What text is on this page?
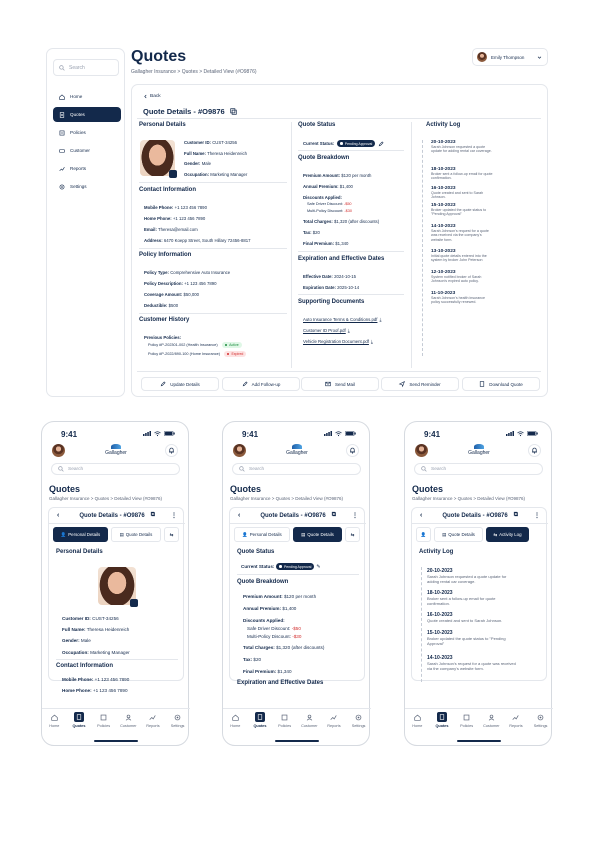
Search
Home
Quotes
Policies
Customer
Reports
Settings
Quotes
Gallagher Insurance > Quotes > Detailed View (#O9876)
Emily Thompson
Back
Quote Details - #O9876
Personal Details
Customer ID: CUST-34256
Full Name: Theresa Heidenreich
Gender: Male
Occupation: Marketing Manager
Contact Information
Mobile Phone: +1 123 456 7890
Home Phone: +1 123 456 7890
Email: Theresa@email.com
Address: 6470 Koepp Street, South Hillary 72456-8817
Policy Information
Policy Type: Comprehensive Auto Insurance
Policy Description: +1 123 456 7890
Coverage Amount: $50,000
Deductible: $500
Customer History
Previous Policies:
Policy #P-202301-002 (Health Insurance)	Active
Policy #P-2022/890-100 (Home Insurance)	Expired
Quote Status
Current Status:	Pending Approval
Quote Breakdown
Premium Amount: $120 per month
Annual Premium: $1,400
Discounts Applied:
Safe Driver Discount: -$50
Multi-Policy Discount: -$30
Total Charges: $1,320 (after discounts)
Tax: $20
Final Premium: $1,340
Expiration and Effective Dates
Effective Date: 2024-10-15
Expiration Date: 2025-10-14
Supporting Documents
Auto Insurance Terms & Conditions.pdf ⤓
Customer ID Proof.pdf ⤓
Vehicle Registration Document.pdf ⤓
Activity Log
20-10-2023
Sarah Johnson requested a quote update for adding rental car coverage.
18-10-2023
Broker sent a follow-up email for quote confirmation.
16-10-2023
Quote created and sent to Sarah Johnson.
15-10-2023
Broker updated the quote status to "Pending Approval"
14-10-2023
Sarah Johnson's request for a quote was received via the company's website form.
13-10-2023
Initial quote details entered into the system by broker John Peterson
12-10-2023
System notified broker of Sarah Johnson's expired auto policy.
11-10-2023
Sarah Johnson's health insurance policy successfully renewed.
Update Details	Add Follow-up	Send Mail	Send Reminder	Download Quote
9:41
Gallagher
Search
Quotes
Gallagher Insurance > Quotes > Detailed View (#O9876)
‹	Quote Details - #O9876 ⧉	⋮
👤 Personal Details	▤ Quote Details	⇆
Personal Details
Customer ID: CUST-34256
Full Name: Theresa Heidenreich
Gender: Male
Occupation: Marketing Manager
Contact Information
Mobile Phone: +1 123 456 7890
Home Phone: +1 123 456 7890
Home	Quotes	Policies	Customer	Reports	Settings
9:41
Gallagher
Search
Quotes
Gallagher Insurance > Quotes > Detailed View (#O9876)
‹	Quote Details - #O9876 ⧉	⋮
👤 Personal Details	▤ Quote Details	⇆
Quote Status
Current Status:	Pending Approval ✎
Quote Breakdown
Premium Amount: $120 per month
Annual Premium: $1,400
Discounts Applied:
Safe Driver Discount: -$50
Multi-Policy Discount: -$30
Total Charges: $1,320 (after discounts)
Tax: $20
Final Premium: $1,340
Expiration and Effective Dates
Home	Quotes	Policies	Customer	Reports	Settings
9:41
Gallagher
Search
Quotes
Gallagher Insurance > Quotes > Detailed View (#O9876)
‹	Quote Details - #O9876 ⧉	⋮
👤	▤ Quote Details	⇆ Activity Log
Activity Log
20-10-2023
Sarah Johnson requested a quote update for adding rental car coverage.
18-10-2023
Broker sent a follow-up email for quote confirmation.
16-10-2023
Quote created and sent to Sarah Johnson.
15-10-2023
Broker updated the quote status to "Pending Approval"
14-10-2023
Sarah Johnson's request for a quote was received via the company's website form.
Home	Quotes	Policies	Customer	Reports	Settings
